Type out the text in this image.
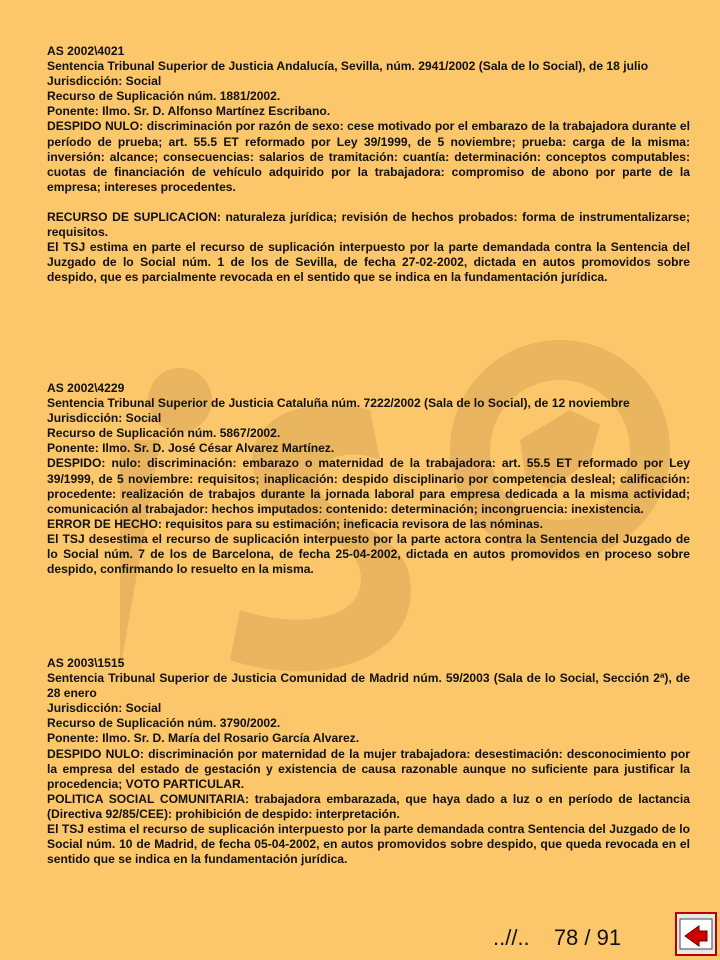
AS 2002\4021

Sentencia Tribunal Superior de Justicia Andalucía, Sevilla, núm. 2941/2002 (Sala de lo Social), de 18 julio

Jurisdicción: Social

Recurso de Suplicación núm. 1881/2002.

Ponente: Ilmo. Sr. D. Alfonso Martínez Escribano.

DESPIDO NULO: discriminación por razón de sexo: cese motivado por el embarazo de la trabajadora durante el período de prueba; art. 55.5 ET reformado por Ley 39/1999, de 5 noviembre; prueba: carga de la misma: inversión: alcance; consecuencias: salarios de tramitación: cuantía: determinación: conceptos computables: cuotas de financiación de vehículo adquirido por la trabajadora: compromiso de abono por parte de la empresa; intereses procedentes.

RECURSO DE SUPLICACION: naturaleza jurídica; revisión de hechos probados: forma de instrumentalizarse; requisitos.

El TSJ estima en parte el recurso de suplicación interpuesto por la parte demandada contra la Sentencia del Juzgado de lo Social núm. 1 de los de Sevilla, de fecha 27-02-2002, dictada en autos promovidos sobre despido, que es parcialmente revocada en el sentido que se indica en la fundamentación jurídica.

AS 2002\4229

Sentencia Tribunal Superior de Justicia Cataluña núm. 7222/2002 (Sala de lo Social), de 12 noviembre

Jurisdicción: Social

Recurso de Suplicación núm. 5867/2002.

Ponente: Ilmo. Sr. D. José César Alvarez Martínez.

DESPIDO: nulo: discriminación: embarazo o maternidad de la trabajadora: art. 55.5 ET reformado por Ley 39/1999, de 5 noviembre: requisitos; inaplicación: despido disciplinario por competencia desleal; calificación: procedente: realización de trabajos durante la jornada laboral para empresa dedicada a la misma actividad; comunicación al trabajador: hechos imputados: contenido: determinación; incongruencia: inexistencia.

ERROR DE HECHO: requisitos para su estimación; ineficacia revisora de las nóminas.

El TSJ desestima el recurso de suplicación interpuesto por la parte actora contra la Sentencia del Juzgado de lo Social núm. 7 de los de Barcelona, de fecha 25-04-2002, dictada en autos promovidos en proceso sobre despido, confirmando lo resuelto en la misma.

AS 2003\1515

Sentencia Tribunal Superior de Justicia Comunidad de Madrid núm. 59/2003 (Sala de lo Social, Sección 2ª), de 28 enero

Jurisdicción: Social

Recurso de Suplicación núm. 3790/2002.

Ponente: Ilmo. Sr. D. María del Rosario García Alvarez.

DESPIDO NULO: discriminación por maternidad de la mujer trabajadora: desestimación: desconocimiento por la empresa del estado de gestación y existencia de causa razonable aunque no suficiente para justificar la procedencia; VOTO PARTICULAR.

POLITICA SOCIAL COMUNITARIA: trabajadora embarazada, que haya dado a luz o en período de lactancia (Directiva 92/85/CEE): prohibición de despido: interpretación.

El TSJ estima el recurso de suplicación interpuesto por la parte demandada contra Sentencia del Juzgado de lo Social núm. 10 de Madrid, de fecha 05-04-2002, en autos promovidos sobre despido, que queda revocada en el sentido que se indica en la fundamentación jurídica.

..//.. 78 / 91
